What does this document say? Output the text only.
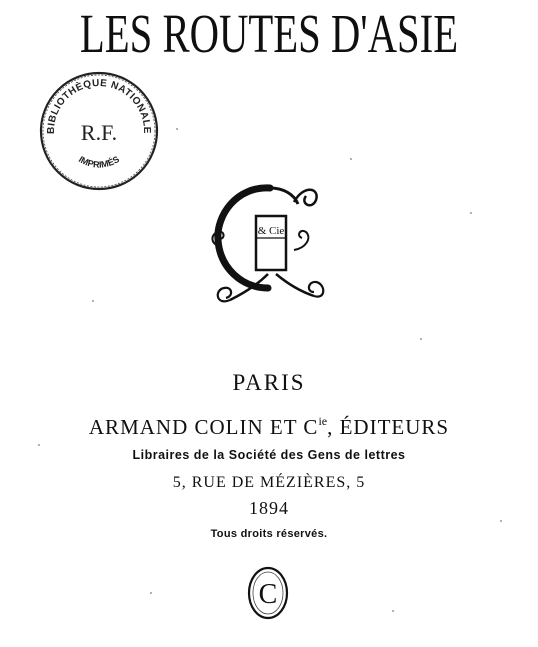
LES ROUTES D'ASIE
BIBLIOTHÈQUE NATIONALE
R.F.
IMPRIMÉS
& Cie
PARIS
ARMAND COLIN ET $C^{ie}$, ÉDITEURS
Libraires de la Société des Gens de lettres
5, RUE DE MÉZIÈRES, 5
1894
Tous droits réservés.
C
